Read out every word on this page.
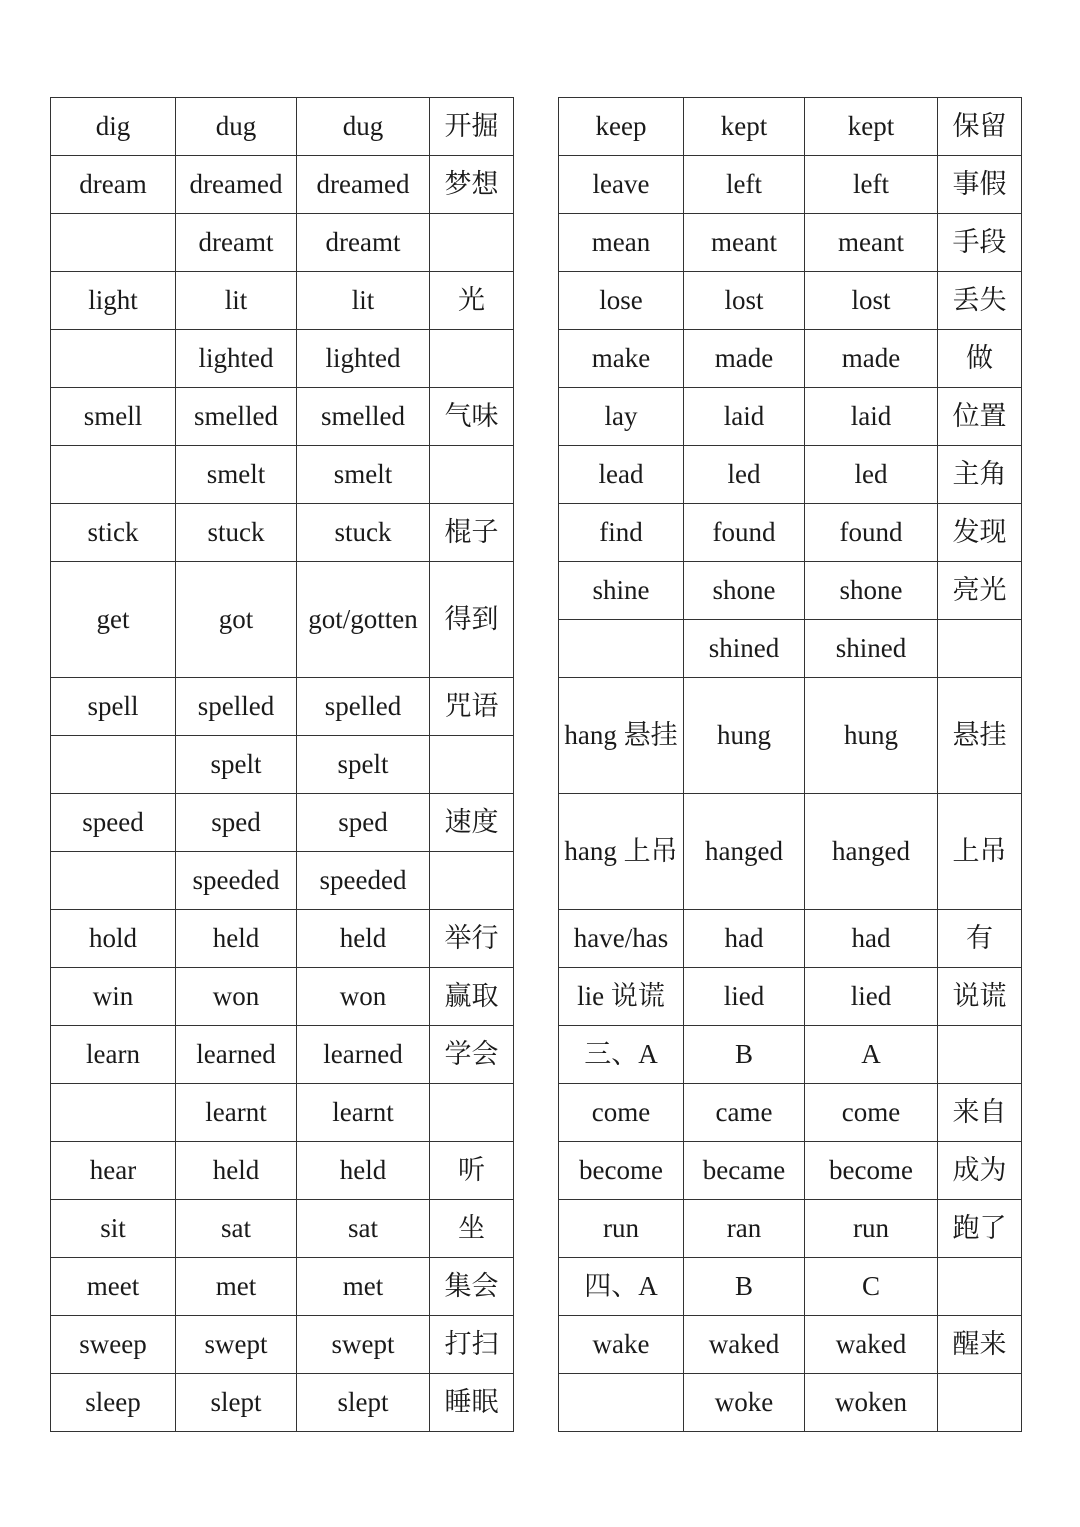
dig	dug	dug	开掘
dream	dreamed	dreamed	梦想
	dreamt	dreamt	
light	lit	lit	光
	lighted	lighted	
smell	smelled	smelled	气味
	smelt	smelt	
stick	stuck	stuck	棍子
get	got	got/gotten	得到
spell	spelled	spelled	咒语
	spelt	spelt	
speed	sped	sped	速度
	speeded	speeded	
hold	held	held	举行
win	won	won	赢取
learn	learned	learned	学会
	learnt	learnt	
hear	held	held	听
sit	sat	sat	坐
meet	met	met	集会
sweep	swept	swept	打扫
sleep	slept	slept	睡眠
keep	kept	kept	保留
leave	left	left	事假
mean	meant	meant	手段
lose	lost	lost	丢失
make	made	made	做
lay	laid	laid	位置
lead	led	led	主角
find	found	found	发现
shine	shone	shone	亮光
	shined	shined	
hang 悬挂	hung	hung	悬挂
hang 上吊	hanged	hanged	上吊
have/has	had	had	有
lie 说谎	lied	lied	说谎
三、A	B	A	
come	came	come	来自
become	became	become	成为
run	ran	run	跑了
四、A	B	C	
wake	waked	waked	醒来
	woke	woken	
